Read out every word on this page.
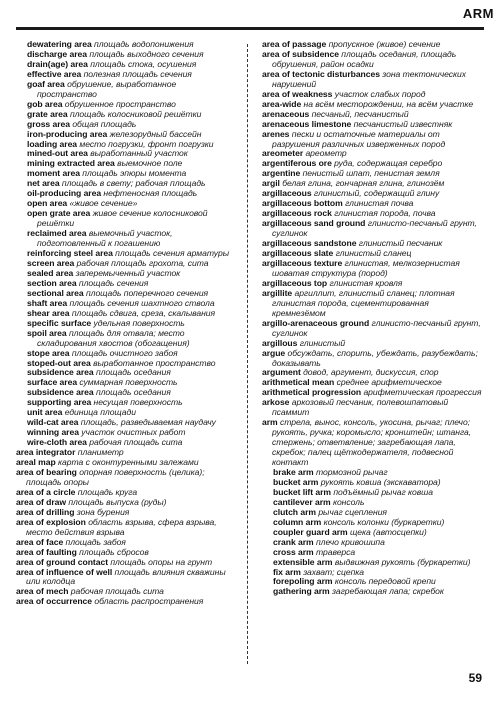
ARM
dewatering area площадь водопонижения
discharge area площадь выходного сечения
drain(age) area площадь стока, осушения
effective area полезная площадь сечения
goaf area обрушение, выработанное пространство
gob area обрушенное пространство
grate area площадь колосниковой решётки
gross area общая площадь
iron-producing area железорудный бассейн
loading area место погрузки, фронт погрузки
mined-out area выработанный участок
mining extracted area выемочное поле
moment area площадь эпюры момента
net area площадь в свету; рабочая площадь
oil-producing area нефтеносная площадь
open area «живое сечение»
open grate area живое сечение колосниковой решётки
reclaimed area выемочный участок, подготовленный к погашению
reinforcing steel area площадь сечения арматуры
screen area рабочая площадь грохота, сита
sealed area заперемыченный участок
section area площадь сечения
sectional area площадь поперечного сечения
shaft area площадь сечения шахтного ствола
shear area площадь сдвига, среза, скалывания
specific surface удельная поверхность
spoil area площадь для отвала; место складирования хвостов (обогащения)
stope area площадь очистного забоя
stoped-out area выработанное пространство
subsidence area площадь оседания
surface area суммарная поверхность
subsidence area площадь оседания
supporting area несущая поверхность
unit area единица площади
wild-cat area площадь, разведываемая наудачу
winning area участок очистных работ
wire-cloth area рабочая площадь сита
area integrator планиметр
areal map карта с оконтуренными залежами
area of bearing опорная поверхность (целика); площадь опоры
area of a circle площадь круга
area of draw площадь выпуска (руды)
area of drilling зона бурения
area of explosion область взрыва, сфера взрыва, место действия взрыва
area of face площадь забоя
area of faulting площадь сбросов
area of ground contact площадь опоры на грунт
area of influence of well площадь влияния скважины или колодца
area of mech рабочая площадь сита
area of occurrence область распространения
area of passage пропускное (живое) сечение
area of subsidence площадь оседания, площадь обрушения, район осадки
area of tectonic disturbances зона тектонических нарушений
area of weakness участок слабых пород
area-wide на всём месторождении, на всём участке
arenaceous песчаный, песчанистый
arenaceous limestone песчанистый известняк
arenes пески и остаточные материалы от разрушения различных изверженных пород
areometer ареометр
argentiferous ore руда, содержащая серебро
argentine пенистый шпат, пенистая земля
argil белая глина, гончарная глина, глинозём
argillaceous глинистый, содержащий глину
argillaceous bottom глинистая почва
argillaceous rock глинистая порода, почва
argillaceous sand ground глинисто-песчаный грунт, суглинок
argillaceous sandstone глинистый песчаник
argillaceous slate глинистый сланец
argillaceous texture глинистая, мелкозернистая шоватая структура (пород)
argillaceous top глинистая кровля
argillite аргиллит, глинистый сланец; плотная глинистая порода, сцементированная кремнезёмом
argillo-arenaceous ground глинисто-песчаный грунт, суглинок
argillous глинистый
argue обсуждать, спорить, убеждать, разубеждать; доказывать
argument довод, аргумент, дискуссия, спор
arithmetical mean среднее арифметическое
arithmetical progression арифметическая прогрессия
arkose аркозовый песчаник, полевошпатовый псаммит
arm стрела, вынос, консоль, укосина, рычаг; плечо; рукоять, ручка; коромысло; кронштейн; штанга, стержень; ответвление; загребающая лапа, скребок; палец щёткодержателя, подвесной контакт
brake arm тормозной рычаг
bucket arm рукоять ковша (экскаватора)
bucket lift arm подъёмный рычаг ковша
cantilever arm консоль
clutch arm рычаг сцепления
column arm консоль колонки (буркаретки)
coupler guard arm щека (автосцепки)
crank arm плечо кривошипа
cross arm траверса
extensible arm выдвижная рукоять (буркаретки)
fix arm захват; сцепка
forepoling arm консоль передовой крепи
gathering arm загребающая лапа; скребок
59
